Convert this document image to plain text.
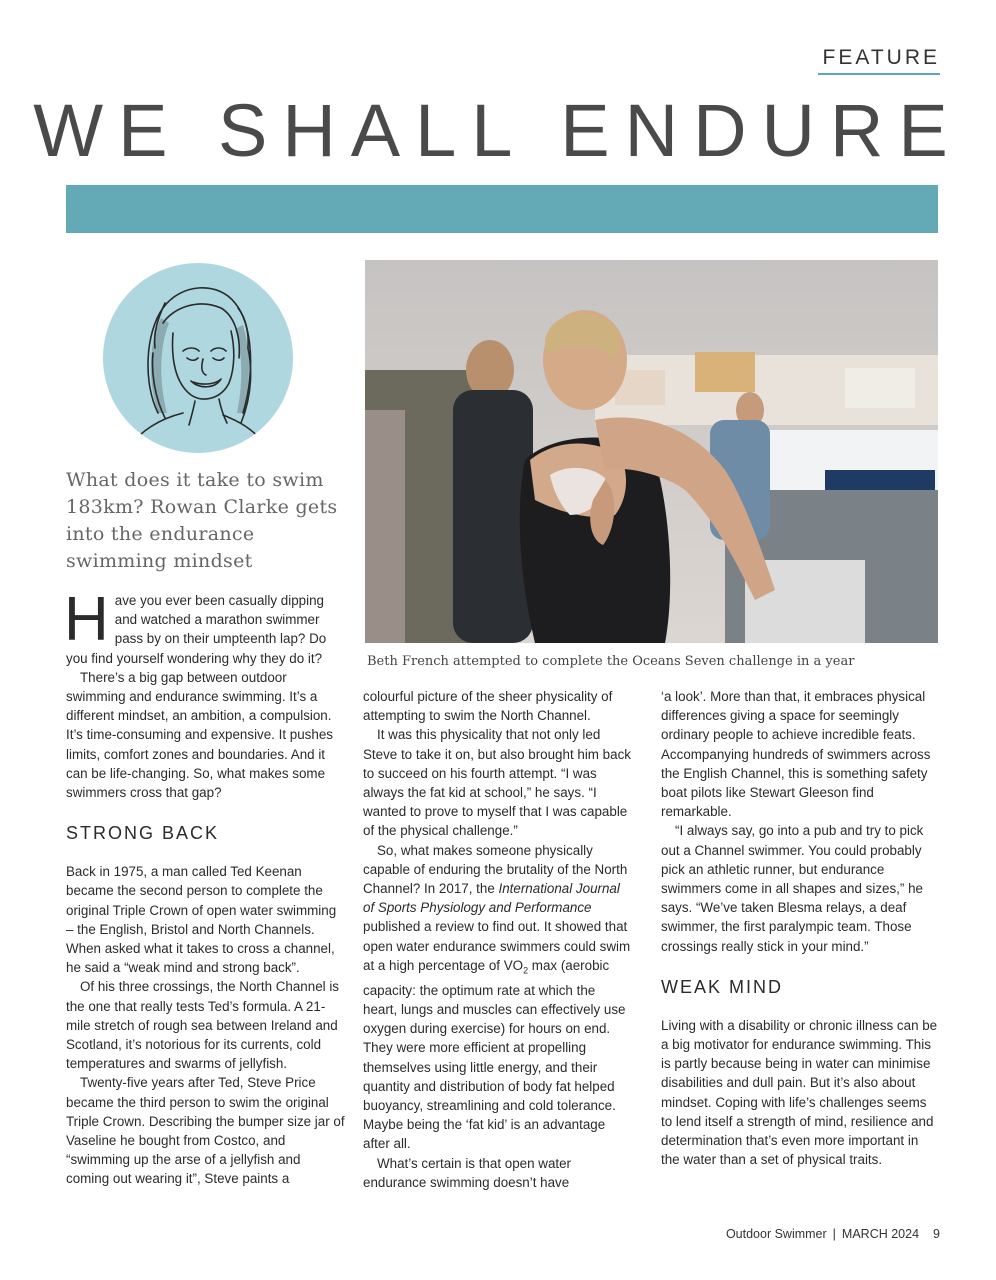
FEATURE
WE SHALL ENDURE
Beth French attempted to complete the Oceans Seven challenge in a year
What does it take to swim 183km? Rowan Clarke gets into the endurance swimming mindset

Have you ever been casually dipping and watched a marathon swimmer pass by on their umpteenth lap? Do you find yourself wondering why they do it?

There’s a big gap between outdoor swimming and endurance swimming. It’s a different mindset, an ambition, a compulsion. It’s time-consuming and expensive. It pushes limits, comfort zones and boundaries. And it can be life-changing. So, what makes some swimmers cross that gap?

STRONG BACK

Back in 1975, a man called Ted Keenan became the second person to complete the original Triple Crown of open water swimming – the English, Bristol and North Channels. When asked what it takes to cross a channel, he said a “weak mind and strong back”.

Of his three crossings, the North Channel is the one that really tests Ted’s formula. A 21-mile stretch of rough sea between Ireland and Scotland, it’s notorious for its currents, cold temperatures and swarms of jellyfish.

Twenty-five years after Ted, Steve Price became the third person to swim the original Triple Crown. Describing the bumper size jar of Vaseline he bought from Costco, and “swimming up the arse of a jellyfish and coming out wearing it”, Steve paints a

colourful picture of the sheer physicality of attempting to swim the North Channel.

It was this physicality that not only led Steve to take it on, but also brought him back to succeed on his fourth attempt. “I was always the fat kid at school,” he says. “I wanted to prove to myself that I was capable of the physical challenge.”

So, what makes someone physically capable of enduring the brutality of the North Channel? In 2017, the International Journal of Sports Physiology and Performance published a review to find out. It showed that open water endurance swimmers could swim at a high percentage of $VO_2$ max (aerobic capacity: the optimum rate at which the heart, lungs and muscles can effectively use oxygen during exercise) for hours on end. They were more efficient at propelling themselves using little energy, and their quantity and distribution of body fat helped buoyancy, streamlining and cold tolerance. Maybe being the ‘fat kid’ is an advantage after all.

What’s certain is that open water endurance swimming doesn’t have

‘a look’. More than that, it embraces physical differences giving a space for seemingly ordinary people to achieve incredible feats. Accompanying hundreds of swimmers across the English Channel, this is something safety boat pilots like Stewart Gleeson find remarkable.

“I always say, go into a pub and try to pick out a Channel swimmer. You could probably pick an athletic runner, but endurance swimmers come in all shapes and sizes,” he says. “We’ve taken Blesma relays, a deaf swimmer, the first paralympic team. Those crossings really stick in your mind.”

WEAK MIND

Living with a disability or chronic illness can be a big motivator for endurance swimming. This is partly because being in water can minimise disabilities and dull pain. But it’s also about mindset. Coping with life’s challenges seems to lend itself a strength of mind, resilience and determination that’s even more important in the water than a set of physical traits.

Outdoor Swimmer | MARCH 2024 9
